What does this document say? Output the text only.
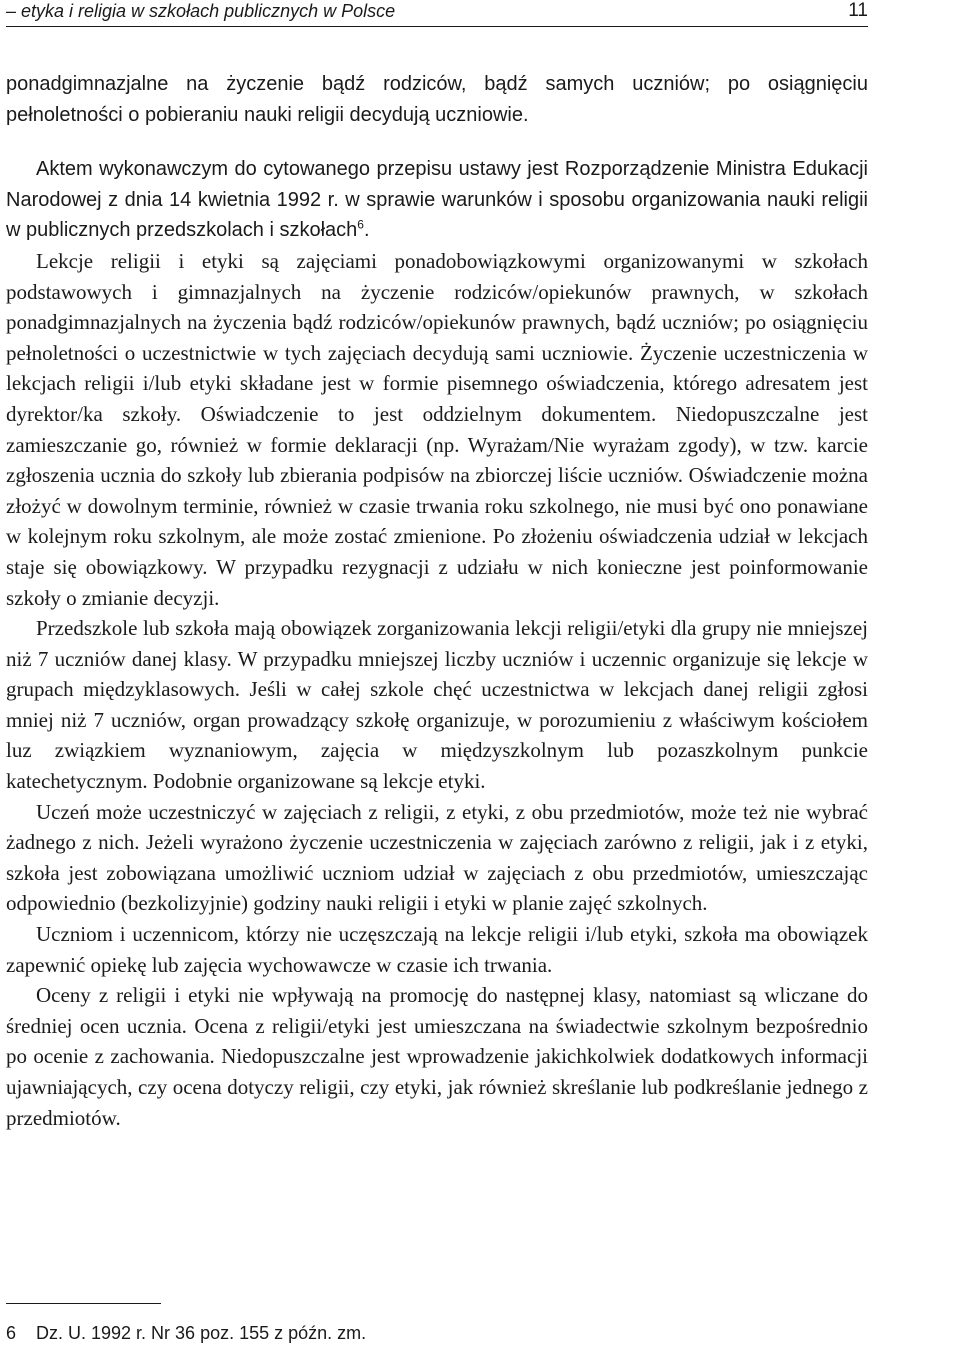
– etyka i religia w szkołach publicznych w Polsce	11

ponadgimnazjalne na życzenie bądź rodziców, bądź samych uczniów; po osiągnięciu pełnoletności o pobieraniu nauki religii decydują uczniowie.

Aktem wykonawczym do cytowanego przepisu ustawy jest Rozporządzenie Ministra Edukacji Narodowej z dnia 14 kwietnia 1992 r. w sprawie warunków i sposobu organizowania nauki religii w publicznych przedszkolach i szkołach$^6$.

Lekcje religii i etyki są zajęciami ponadobowiązkowymi organizowanymi w szkołach podstawowych i gimnazjalnych na życzenie rodziców/opiekunów prawnych, w szkołach ponadgimnazjalnych na życzenia bądź rodziców/opiekunów prawnych, bądź uczniów; po osiągnięciu pełnoletności o uczestnictwie w tych zajęciach decydują sami uczniowie. Życzenie uczestniczenia w lekcjach religii i/lub etyki składane jest w formie pisemnego oświadczenia, którego adresatem jest dyrektor/ka szkoły. Oświadczenie to jest oddzielnym dokumentem. Niedopuszczalne jest zamieszczanie go, również w formie deklaracji (np. Wyrażam/Nie wyrażam zgody), w tzw. karcie zgłoszenia ucznia do szkoły lub zbierania podpisów na zbiorczej liście uczniów. Oświadczenie można złożyć w dowolnym terminie, również w czasie trwania roku szkolnego, nie musi być ono ponawiane w kolejnym roku szkolnym, ale może zostać zmienione. Po złożeniu oświadczenia udział w lekcjach staje się obowiązkowy. W przypadku rezygnacji z udziału w nich konieczne jest poinformowanie szkoły o zmianie decyzji.

Przedszkole lub szkoła mają obowiązek zorganizowania lekcji religii/etyki dla grupy nie mniejszej niż 7 uczniów danej klasy. W przypadku mniejszej liczby uczniów i uczennic organizuje się lekcje w grupach międzyklasowych. Jeśli w całej szkole chęć uczestnictwa w lekcjach danej religii zgłosi mniej niż 7 uczniów, organ prowadzący szkołę organizuje, w porozumieniu z właściwym kościołem luz związkiem wyznaniowym, zajęcia w międzyszkolnym lub pozaszkolnym punkcie katechetycznym. Podobnie organizowane są lekcje etyki.

Uczeń może uczestniczyć w zajęciach z religii, z etyki, z obu przedmiotów, może też nie wybrać żadnego z nich. Jeżeli wyrażono życzenie uczestniczenia w zajęciach zarówno z religii, jak i z etyki, szkoła jest zobowiązana umożliwić uczniom udział w zajęciach z obu przedmiotów, umieszczając odpowiednio (bezkolizyjnie) godziny nauki religii i etyki w planie zajęć szkolnych.

Uczniom i uczennicom, którzy nie uczęszczają na lekcje religii i/lub etyki, szkoła ma obowiązek zapewnić opiekę lub zajęcia wychowawcze w czasie ich trwania.

Oceny z religii i etyki nie wpływają na promocję do następnej klasy, natomiast są wliczane do średniej ocen ucznia. Ocena z religii/etyki jest umieszczana na świadectwie szkolnym bezpośrednio po ocenie z zachowania. Niedopuszczalne jest wprowadzenie jakichkolwiek dodatkowych informacji ujawniających, czy ocena dotyczy religii, czy etyki, jak również skreślanie lub podkreślanie jednego z przedmiotów.

6 Dz. U. 1992 r. Nr 36 poz. 155 z późn. zm.
